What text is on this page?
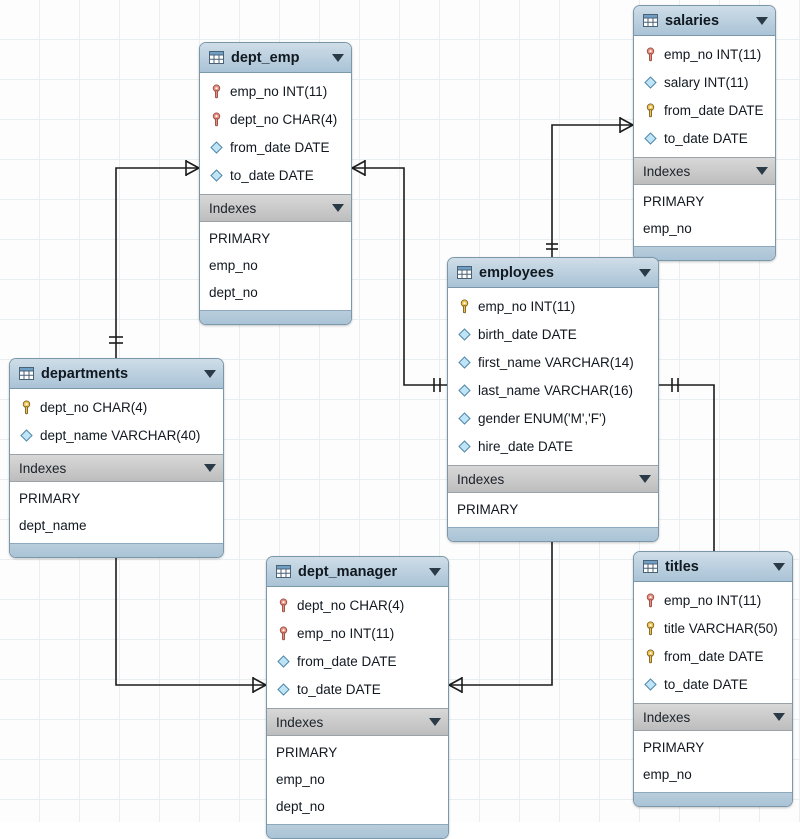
salaries
emp_no INT(11)
salary INT(11)
from_date DATE
to_date DATE
Indexes
PRIMARY
emp_no
dept_emp
emp_no INT(11)
dept_no CHAR(4)
from_date DATE
to_date DATE
Indexes
PRIMARY
emp_no
dept_no
employees
emp_no INT(11)
birth_date DATE
first_name VARCHAR(14)
last_name VARCHAR(16)
gender ENUM('M','F')
hire_date DATE
Indexes
PRIMARY
departments
dept_no CHAR(4)
dept_name VARCHAR(40)
Indexes
PRIMARY
dept_name
titles
emp_no INT(11)
title VARCHAR(50)
from_date DATE
to_date DATE
Indexes
PRIMARY
emp_no
dept_manager
dept_no CHAR(4)
emp_no INT(11)
from_date DATE
to_date DATE
Indexes
PRIMARY
emp_no
dept_no
